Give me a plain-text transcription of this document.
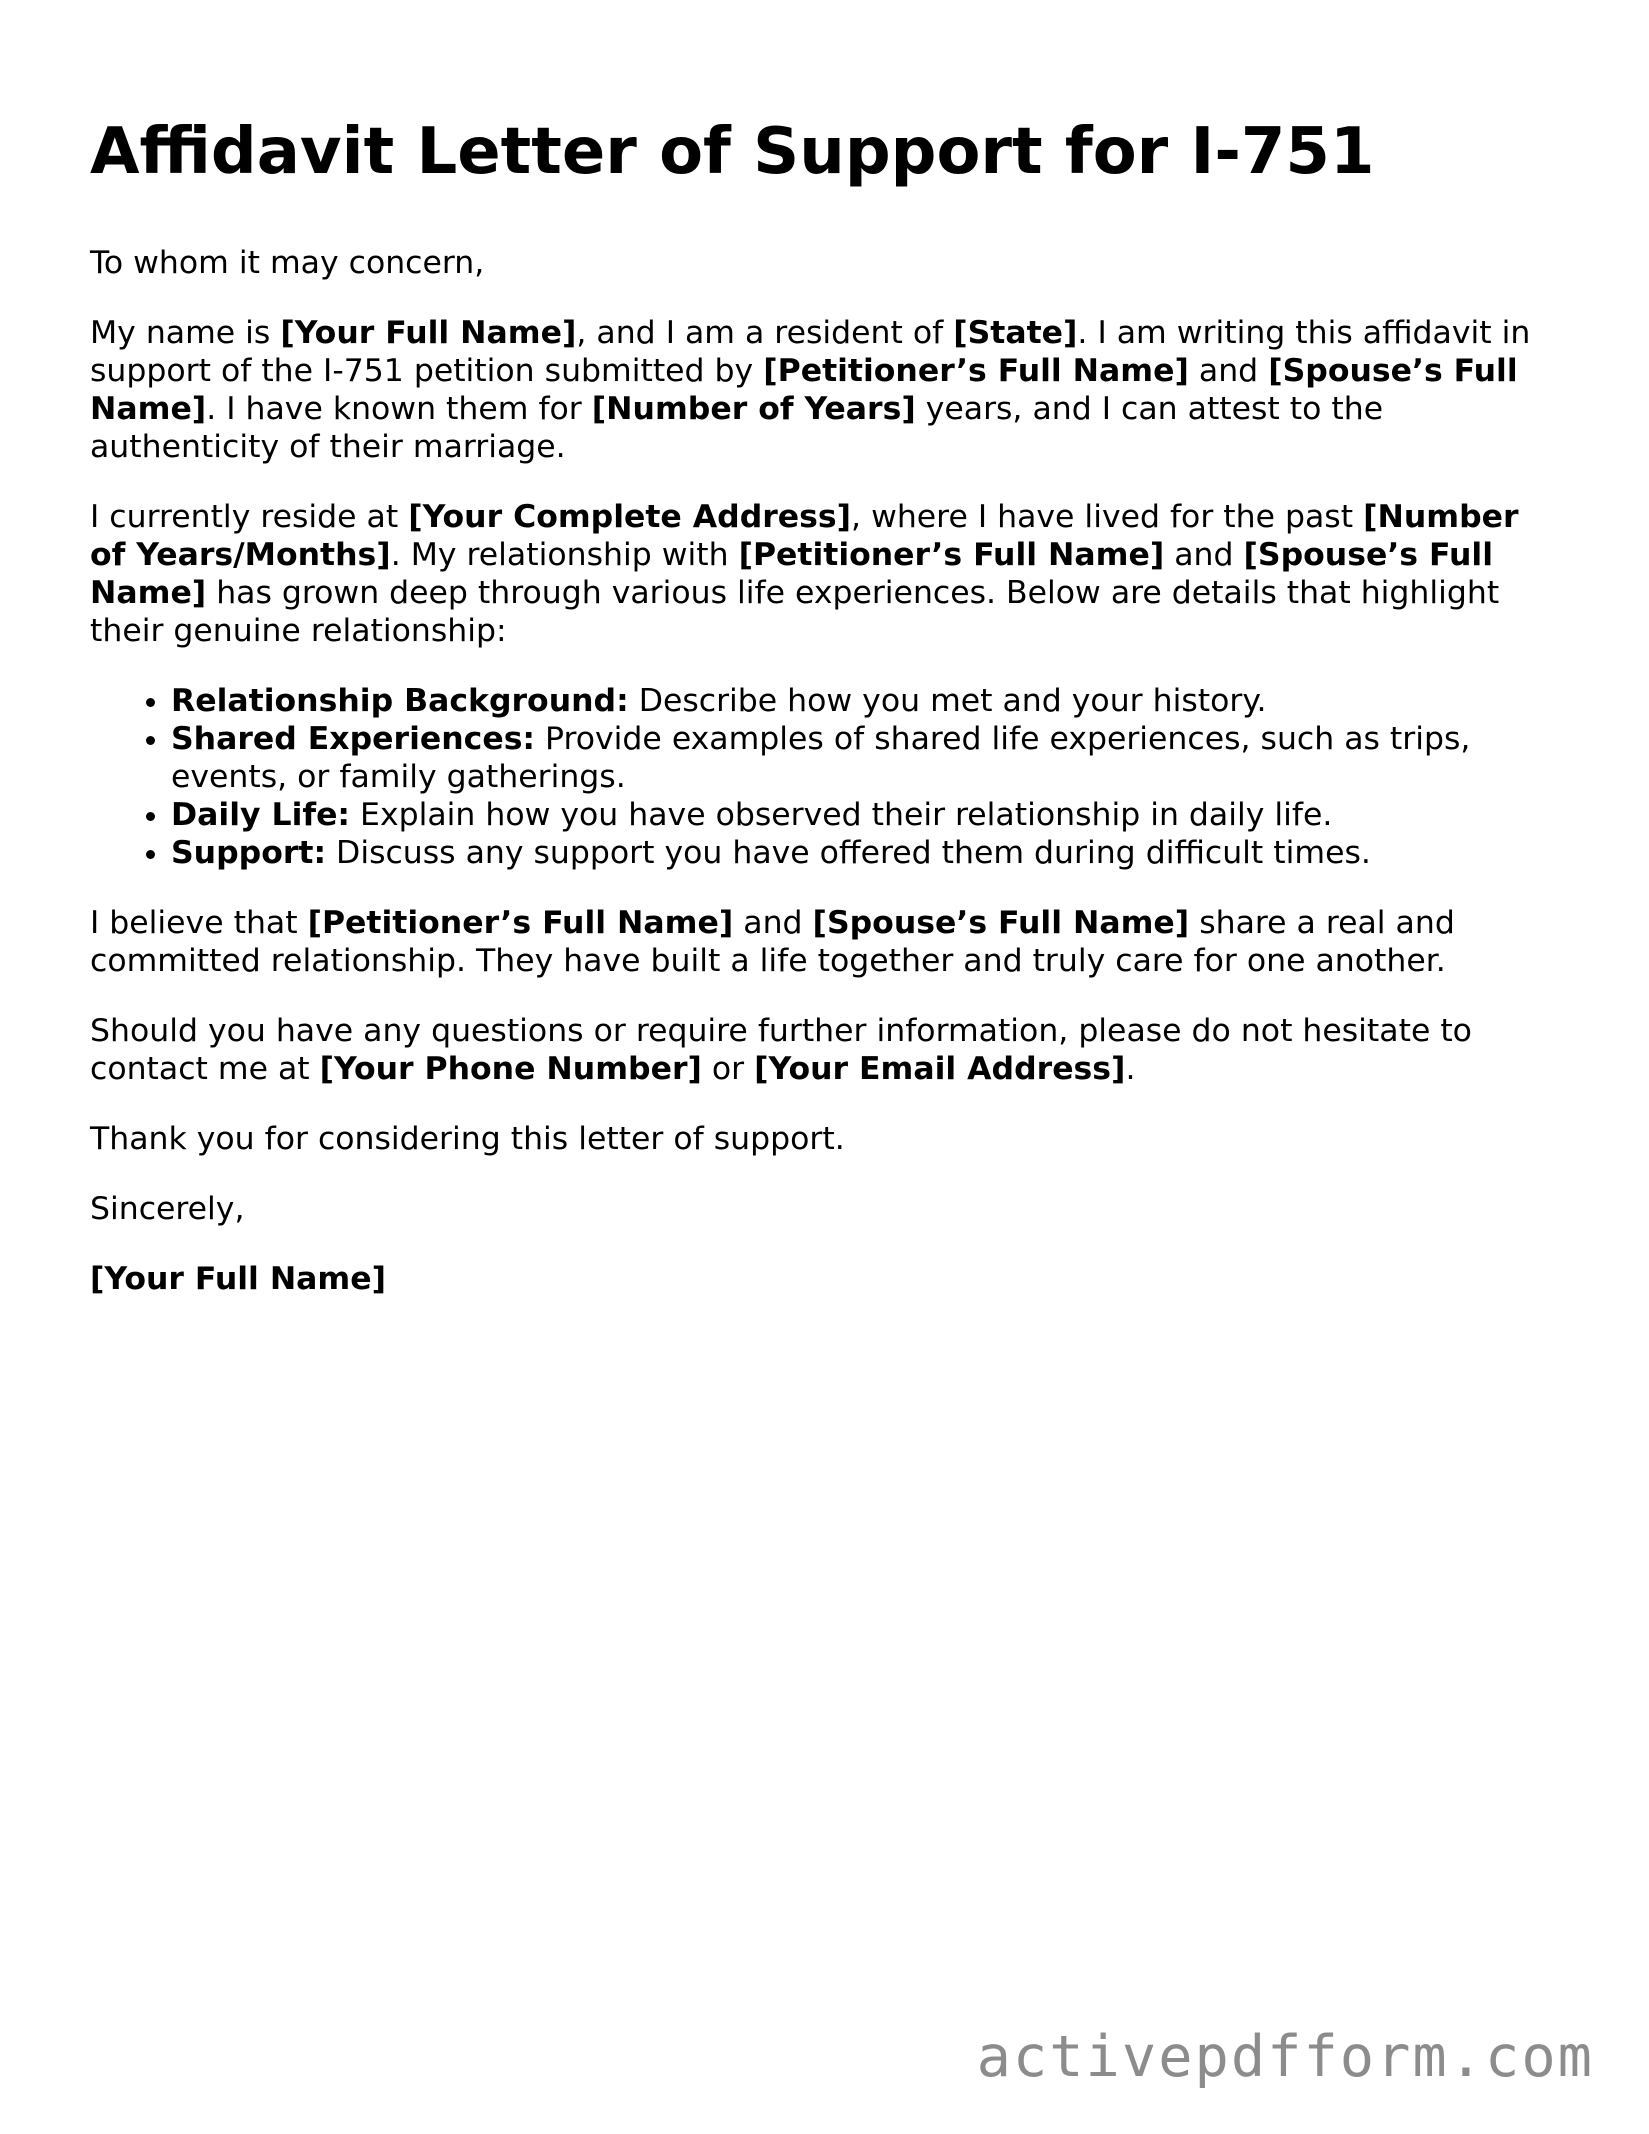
Affidavit Letter of Support for I-751

To whom it may concern,

My name is [Your Full Name], and I am a resident of [State]. I am writing this affidavit in support of the I-751 petition submitted by [Petitioner’s Full Name] and [Spouse’s Full Name]. I have known them for [Number of Years] years, and I can attest to the authenticity of their marriage.

I currently reside at [Your Complete Address], where I have lived for the past [Number of Years/Months]. My relationship with [Petitioner’s Full Name] and [Spouse’s Full Name] has grown deep through various life experiences. Below are details that highlight their genuine relationship:

• Relationship Background: Describe how you met and your history.
• Shared Experiences: Provide examples of shared life experiences, such as trips, events, or family gatherings.
• Daily Life: Explain how you have observed their relationship in daily life.
• Support: Discuss any support you have offered them during difficult times.

I believe that [Petitioner’s Full Name] and [Spouse’s Full Name] share a real and committed relationship. They have built a life together and truly care for one another.

Should you have any questions or require further information, please do not hesitate to contact me at [Your Phone Number] or [Your Email Address].

Thank you for considering this letter of support.

Sincerely,

[Your Full Name]

activepdfform.com
